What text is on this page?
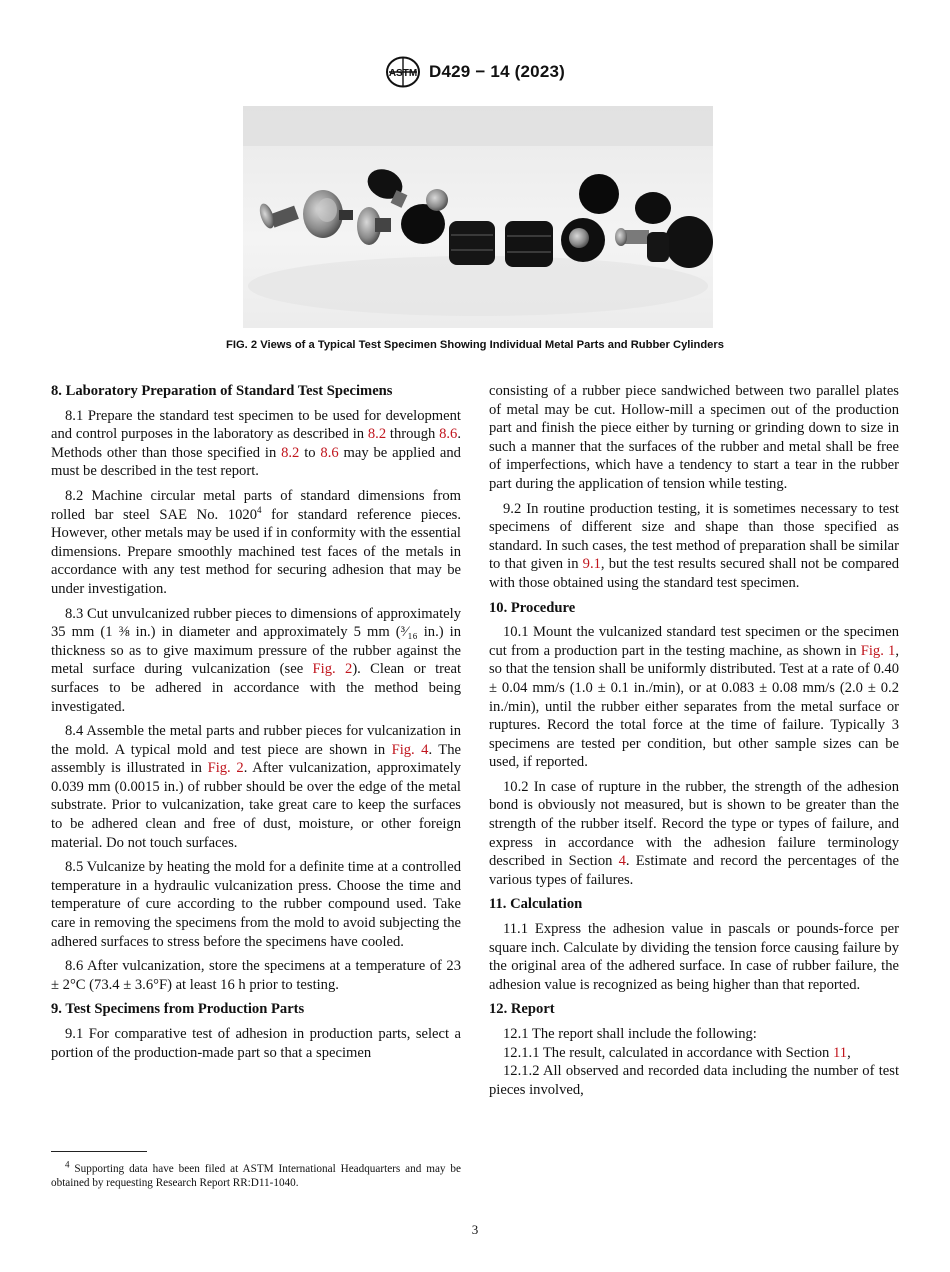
ASTM D429 − 14 (2023)
FIG. 2 Views of a Typical Test Specimen Showing Individual Metal Parts and Rubber Cylinders
8. Laboratory Preparation of Standard Test Specimens

8.1 Prepare the standard test specimen to be used for development and control purposes in the laboratory as described in 8.2 through 8.6. Methods other than those specified in 8.2 to 8.6 may be applied and must be described in the test report.

8.2 Machine circular metal parts of standard dimensions from rolled bar steel SAE No. 1020$^4$ for standard reference pieces. However, other metals may be used if in conformity with the essential dimensions. Prepare smoothly machined test faces of the metals in accordance with any test method for securing adhesion that may be under investigation.

8.3 Cut unvulcanized rubber pieces to dimensions of approximately 35 mm (1 ⅜ in.) in diameter and approximately 5 mm (³⁄₁₆ in.) in thickness so as to give maximum pressure of the rubber against the metal surface during vulcanization (see Fig. 2). Clean or treat surfaces to be adhered in accordance with the method being investigated.

8.4 Assemble the metal parts and rubber pieces for vulcanization in the mold. A typical mold and test piece are shown in Fig. 4. The assembly is illustrated in Fig. 2. After vulcanization, approximately 0.039 mm (0.0015 in.) of rubber should be over the edge of the metal substrate. Prior to vulcanization, take great care to keep the surfaces to be adhered clean and free of dust, moisture, or other foreign material. Do not touch surfaces.

8.5 Vulcanize by heating the mold for a definite time at a controlled temperature in a hydraulic vulcanization press. Choose the time and temperature of cure according to the rubber compound used. Take care in removing the specimens from the mold to avoid subjecting the adhered surfaces to stress before the specimens have cooled.

8.6 After vulcanization, store the specimens at a temperature of 23 ± 2°C (73.4 ± 3.6°F) at least 16 h prior to testing.

9. Test Specimens from Production Parts

9.1 For comparative test of adhesion in production parts, select a portion of the production-made part so that a specimen

consisting of a rubber piece sandwiched between two parallel plates of metal may be cut. Hollow-mill a specimen out of the production part and finish the piece either by turning or grinding down to size in such a manner that the surfaces of the rubber and metal shall be free of imperfections, which have a tendency to start a tear in the rubber part during the application of tension while testing.

9.2 In routine production testing, it is sometimes necessary to test specimens of different size and shape than those specified as standard. In such cases, the test method of preparation shall be similar to that given in 9.1, but the test results secured shall not be compared with those obtained using the standard test specimen.

10. Procedure

10.1 Mount the vulcanized standard test specimen or the specimen cut from a production part in the testing machine, as shown in Fig. 1, so that the tension shall be uniformly distributed. Test at a rate of 0.40 ± 0.04 mm/s (1.0 ± 0.1 in./min), or at 0.083 ± 0.08 mm/s (2.0 ± 0.2 in./min), until the rubber either separates from the metal surface or ruptures. Record the total force at the time of failure. Typically 3 specimens are tested per condition, but other sample sizes can be used, if reported.

10.2 In case of rupture in the rubber, the strength of the adhesion bond is obviously not measured, but is shown to be greater than the strength of the rubber itself. Record the type or types of failure, and express in accordance with the adhesion failure terminology described in Section 4. Estimate and record the percentages of the various types of failures.

11. Calculation

11.1 Express the adhesion value in pascals or pounds-force per square inch. Calculate by dividing the tension force causing failure by the original area of the adhered surface. In case of rubber failure, the adhesion value is recognized as being higher than that reported.

12. Report

12.1 The report shall include the following:

12.1.1 The result, calculated in accordance with Section 11,

12.1.2 All observed and recorded data including the number of test pieces involved,

$^4$ Supporting data have been filed at ASTM International Headquarters and may be obtained by requesting Research Report RR:D11-1040.
3
